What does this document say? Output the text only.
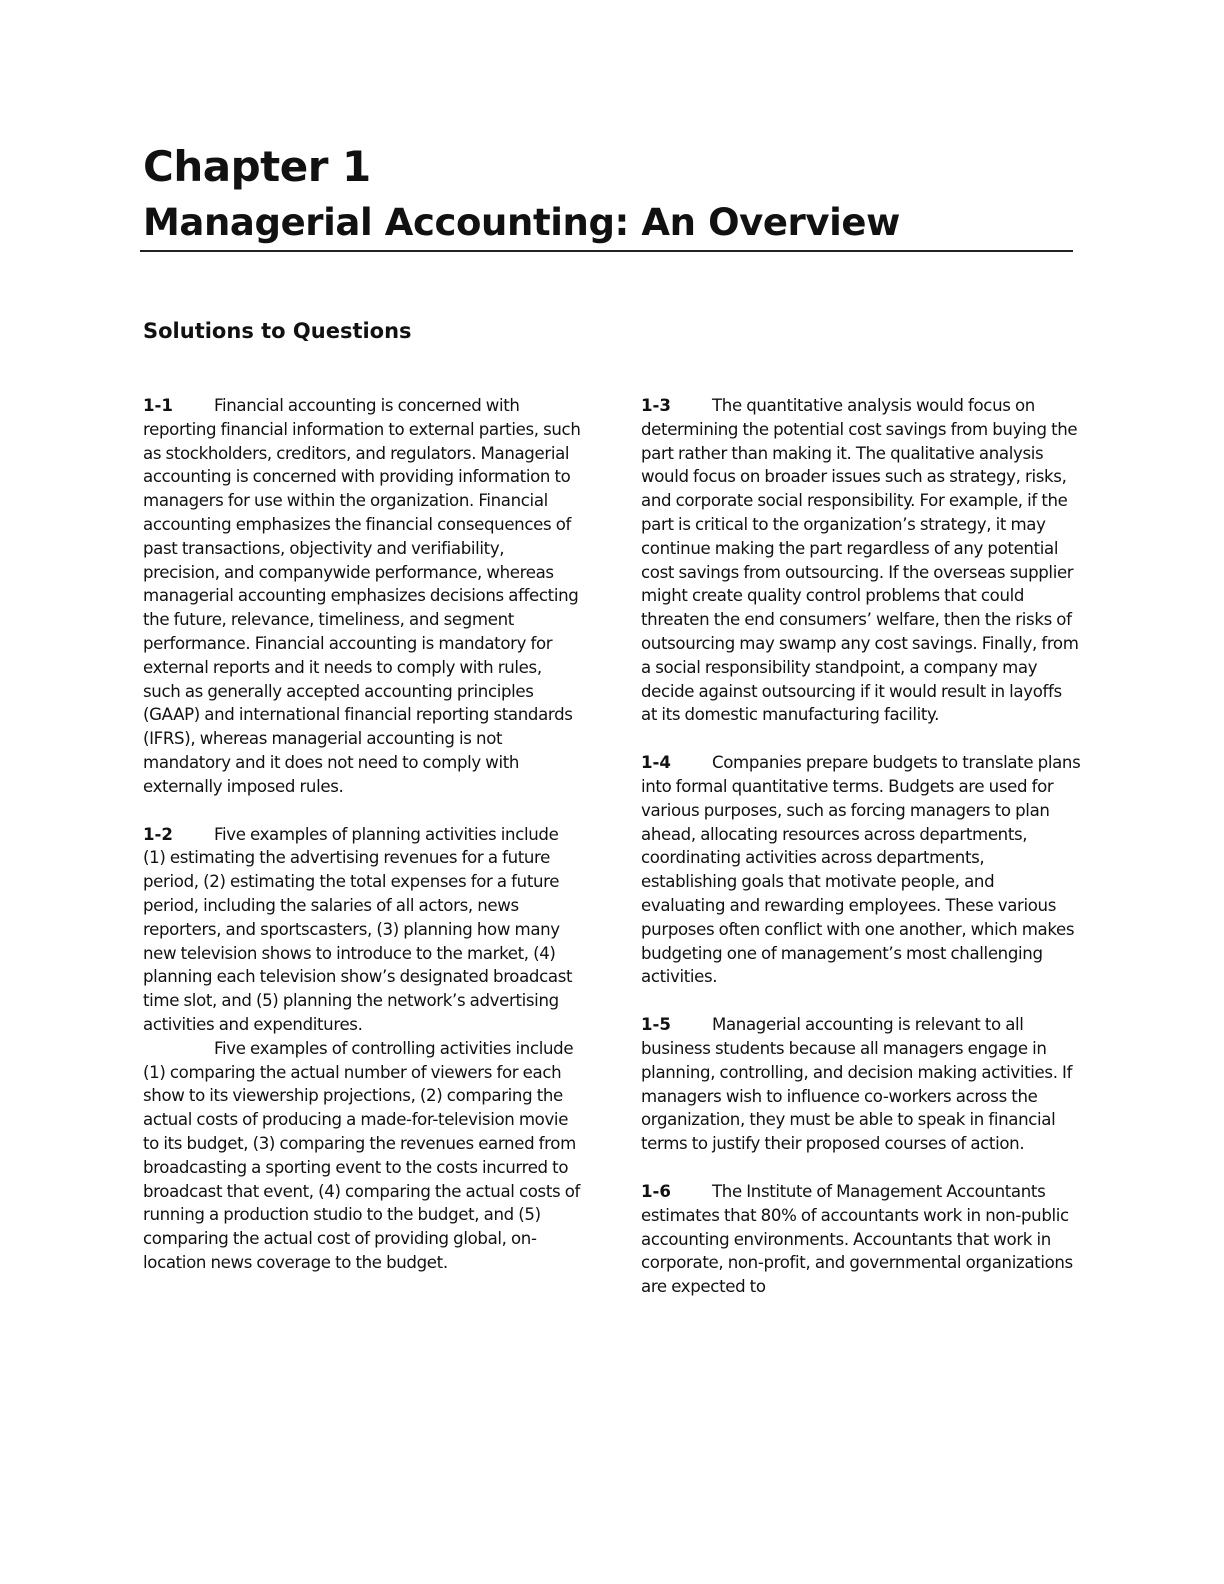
Chapter 1
Managerial Accounting: An Overview
Solutions to Questions

1-1 Financial accounting is concerned with reporting financial information to external parties, such as stockholders, creditors, and regulators. Managerial accounting is concerned with providing information to managers for use within the organization. Financial accounting emphasizes the financial consequences of past transactions, objectivity and verifiability, precision, and companywide performance, whereas managerial accounting emphasizes decisions affecting the future, relevance, timeliness, and segment performance. Financial accounting is mandatory for external reports and it needs to comply with rules, such as generally accepted accounting principles (GAAP) and international financial reporting standards (IFRS), whereas managerial accounting is not mandatory and it does not need to comply with externally imposed rules.

1-2 Five examples of planning activities include (1) estimating the advertising revenues for a future period, (2) estimating the total expenses for a future period, including the salaries of all actors, news reporters, and sportscasters, (3) planning how many new television shows to introduce to the market, (4) planning each television show’s designated broadcast time slot, and (5) planning the network’s advertising activities and expenditures.

Five examples of controlling activities include (1) comparing the actual number of viewers for each show to its viewership projections, (2) comparing the actual costs of producing a made-for-television movie to its budget, (3) comparing the revenues earned from broadcasting a sporting event to the costs incurred to broadcast that event, (4) comparing the actual costs of running a production studio to the budget, and (5) comparing the actual cost of providing global, on-location news coverage to the budget.

1-3 The quantitative analysis would focus on determining the potential cost savings from buying the part rather than making it. The qualitative analysis would focus on broader issues such as strategy, risks, and corporate social responsibility. For example, if the part is critical to the organization’s strategy, it may continue making the part regardless of any potential cost savings from outsourcing. If the overseas supplier might create quality control problems that could threaten the end consumers’ welfare, then the risks of outsourcing may swamp any cost savings. Finally, from a social responsibility standpoint, a company may decide against outsourcing if it would result in layoffs at its domestic manufacturing facility.

1-4 Companies prepare budgets to translate plans into formal quantitative terms. Budgets are used for various purposes, such as forcing managers to plan ahead, allocating resources across departments, coordinating activities across departments, establishing goals that motivate people, and evaluating and rewarding employees. These various purposes often conflict with one another, which makes budgeting one of management’s most challenging activities.

1-5 Managerial accounting is relevant to all business students because all managers engage in planning, controlling, and decision making activities. If managers wish to influence co-workers across the organization, they must be able to speak in financial terms to justify their proposed courses of action.

1-6 The Institute of Management Accountants estimates that 80% of accountants work in non-public accounting environments. Accountants that work in corporate, non-profit, and governmental organizations are expected to
